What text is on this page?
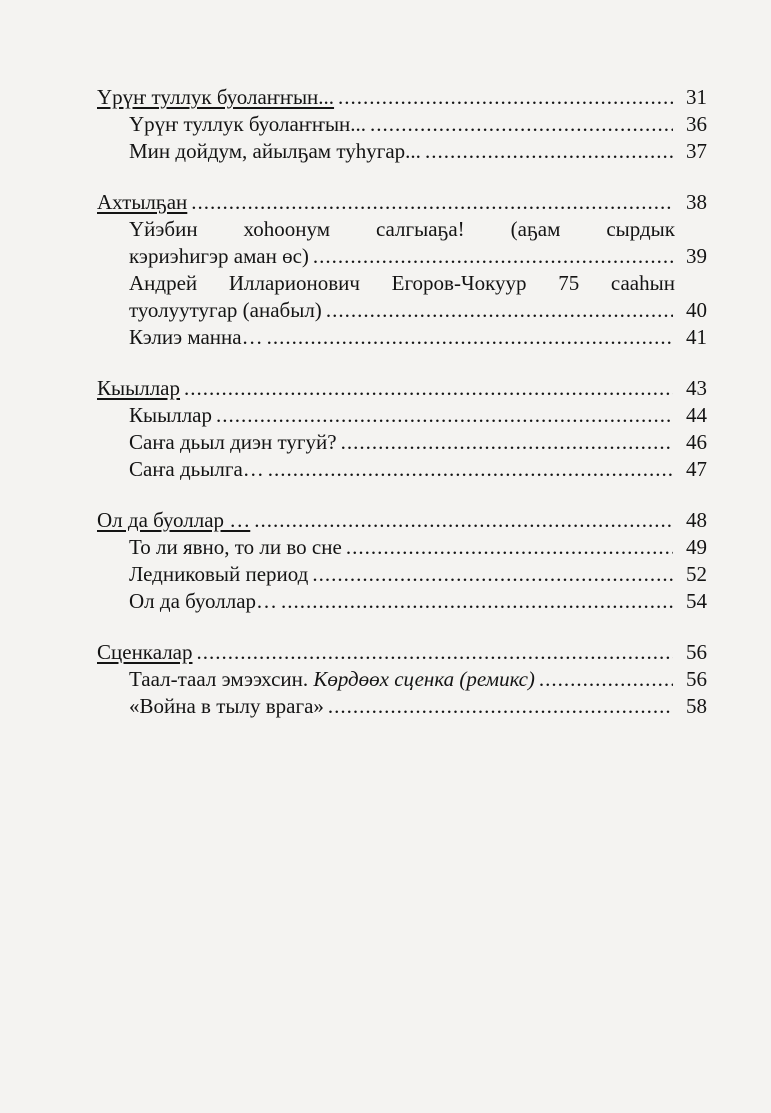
Үрүҥ туллук буолаҥҥын... .....	31
Үрүҥ туллук буолаҥҥын... .....	36
Мин дойдум, айылҕам туһугар... .....	37
Ахтылҕан .....	38
Үйэбин хоһоонум салгыаҕа! (аҕам сырдык
кэриэһигэр аман өс) .....	39
Андрей Илларионович Егоров-Чокуур 75 сааһын
туолуутугар (анабыл) .....	40
Кэлиэ манна… .....	41
Кыыллар .....	43
Кыыллар .....	44
Саҥа дьыл диэн тугуй? .....	46
Саҥа дьылга… .....	47
Ол да буоллар … .....	48
То ли явно, то ли во сне .....	49
Ледниковый период .....	52
Ол да буоллар… .....	54
Сценкалар .....	56
Таал-таал эмээхсин. Көрдөөх сценка (ремикс) .....	56
«Война в тылу врага» .....	58
